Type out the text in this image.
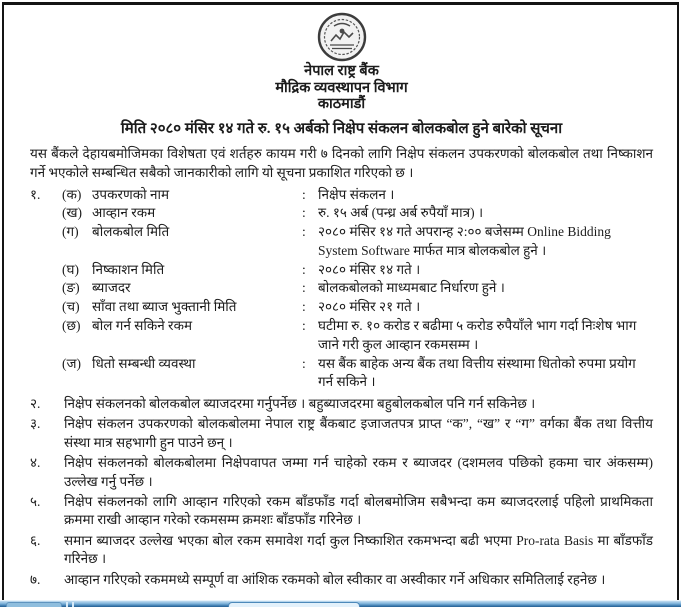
नेपाल राष्ट्र बैंक
मौद्रिक व्यवस्थापन विभाग
काठमाडौं
मिति २०८० मंसिर १४ गते रु. १५ अर्बको निक्षेप संकलन बोलकबोल हुने बारेको सूचना
यस बैंकले देहायबमोजिमका विशेषता एवं शर्तहरु कायम गरी ७ दिनको लागि निक्षेप संकलन उपकरणको बोलकबोल तथा निष्काशन गर्ने भएकोले सम्बन्धित सबैको जानकारीको लागि यो सूचना प्रकाशित गरिएको छ ।
१.	(क) उपकरणको नाम	: निक्षेप संकलन ।
(ख) आव्हान रकम	: रु. १५ अर्ब (पन्ध्र अर्ब रुपैयाँ मात्र) ।
(ग) बोलकबोल मिति	: २०८० मंसिर १४ गते अपरान्ह २:०० बजेसम्म Online Bidding System Software मार्फत मात्र बोलकबोल हुने ।
(घ) निष्काशन मिति	: २०८० मंसिर १४ गते ।
(ङ) ब्याजदर	: बोलकबोलको माध्यमबाट निर्धारण हुने ।
(च) साँवा तथा ब्याज भुक्तानी मिति	: २०८० मंसिर २१ गते ।
(छ) बोल गर्न सकिने रकम	: घटीमा रु. १० करोड र बढीमा ५ करोड रुपैयाँले भाग गर्दा निःशेष भाग जाने गरी कुल आव्हान रकमसम्म ।
(ज) धितो सम्बन्धी व्यवस्था	: यस बैंक बाहेक अन्य बैंक तथा वित्तीय संस्थामा धितोको रुपमा प्रयोग गर्न सकिने ।
२.	निक्षेप संकलनको बोलकबोल ब्याजदरमा गर्नुपर्नेछ । बहुब्याजदरमा बहुबोलकबोल पनि गर्न सकिनेछ ।
३.	निक्षेप संकलन उपकरणको बोलकबोलमा नेपाल राष्ट्र बैंकबाट इजाजतपत्र प्राप्त “क”, “ख” र “ग” वर्गका बैंक तथा वित्तीय संस्था मात्र सहभागी हुन पाउने छन् ।
४.	निक्षेप संकलनको बोलकबोलमा निक्षेपवापत जम्मा गर्न चाहेको रकम र ब्याजदर (दशमलव पछिको हकमा चार अंकसम्म) उल्लेख गर्नु पर्नेछ ।
५.	निक्षेप संकलनको लागि आव्हान गरिएको रकम बाँडफाँड गर्दा बोलबमोजिम सबैभन्दा कम ब्याजदरलाई पहिलो प्राथमिकता क्रममा राखी आव्हान गरेको रकमसम्म क्रमशः बाँडफाँड गरिनेछ ।
६.	समान ब्याजदर उल्लेख भएका बोल रकम समावेश गर्दा कुल निष्काशित रकमभन्दा बढी भएमा Pro-rata Basis मा बाँडफाँड गरिनेछ ।
७.	आव्हान गरिएको रकममध्ये सम्पूर्ण वा आंशिक रकमको बोल स्वीकार वा अस्वीकार गर्ने अधिकार समितिलाई रहनेछ ।
